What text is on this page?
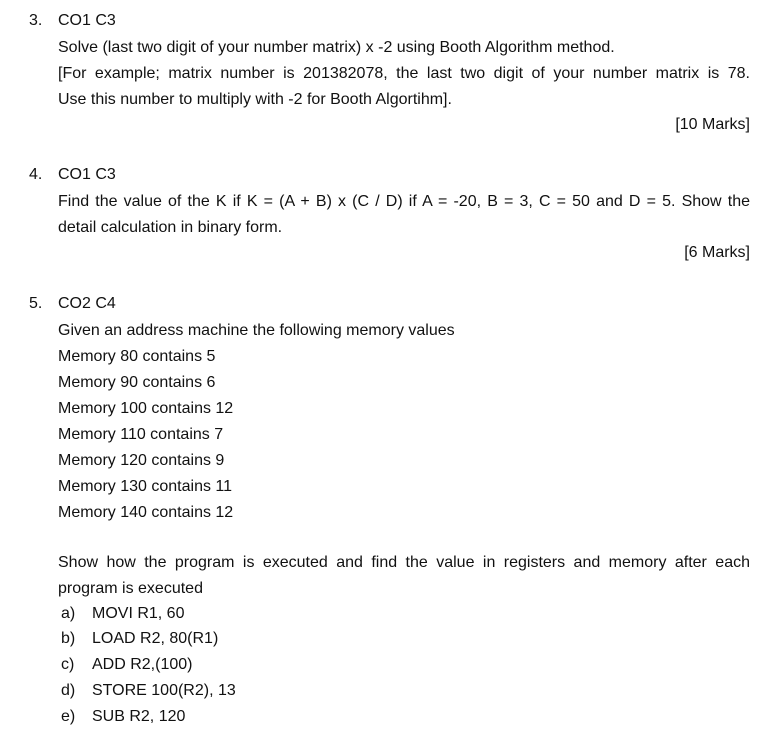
3. CO1 C3
Solve (last two digit of your number matrix) x -2 using Booth Algorithm method.
[For example; matrix number is 201382078, the last two digit of your number matrix is 78.
Use this number to multiply with -2 for Booth Algortihm].
[10 Marks]
4. CO1 C3
Find the value of the K if K = (A + B) x (C / D) if A = -20, B = 3, C = 50 and D = 5. Show the
detail calculation in binary form.
[6 Marks]
5. CO2 C4
Given an address machine the following memory values
Memory 80 contains 5
Memory 90 contains 6
Memory 100 contains 12
Memory 110 contains 7
Memory 120 contains 9
Memory 130 contains 11
Memory 140 contains 12
Show how the program is executed and find the value in registers and memory after each
program is executed
a) MOVI R1, 60
b) LOAD R2, 80(R1)
c) ADD R2,(100)
d) STORE 100(R2), 13
e) SUB R2, 120
